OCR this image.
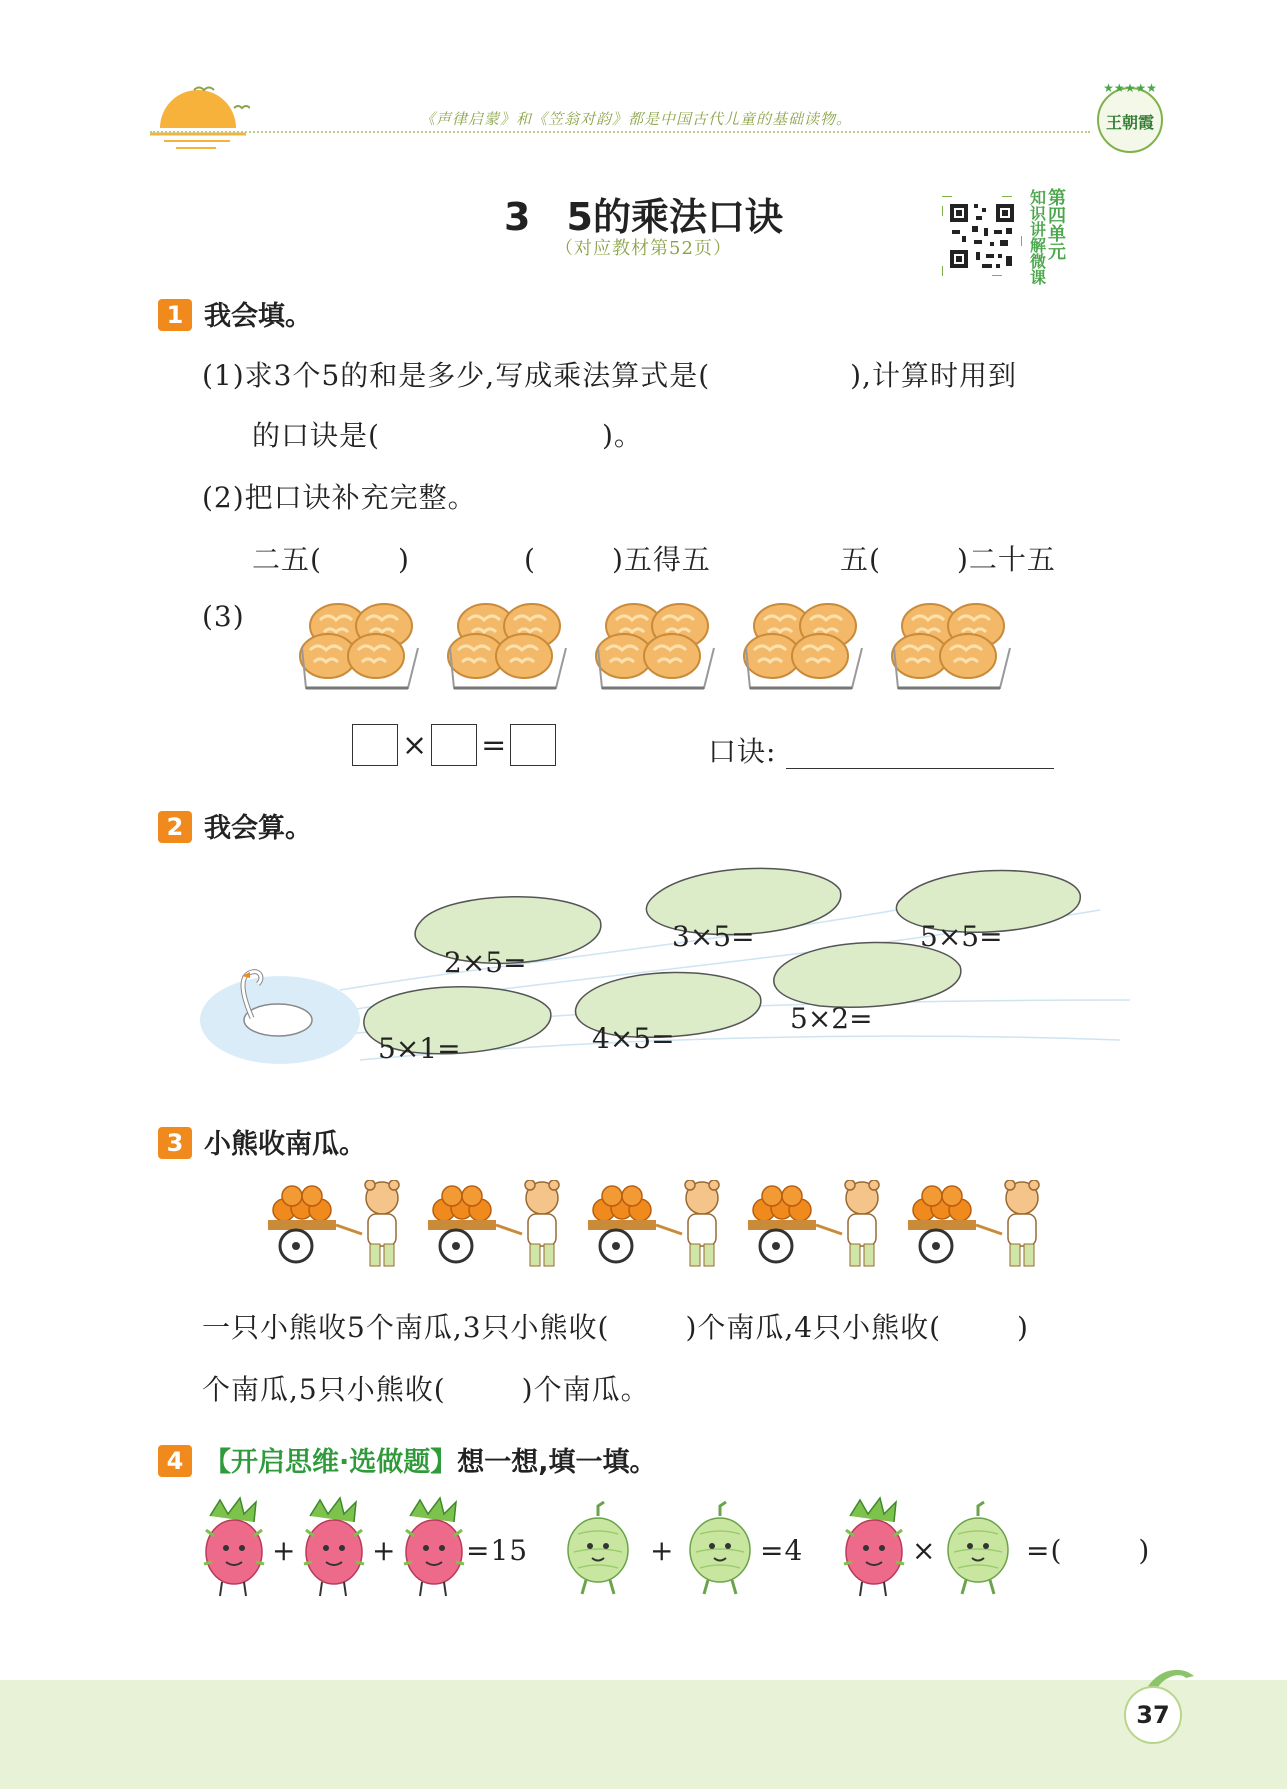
《声律启蒙》和《笠翁对韵》都是中国古代儿童的基础读物。
★★★★★
王朝霞
3 5的乘法口诀
（对应教材第52页）
知
识
讲
解
微
课
第
四
单
元
1 我会填。
(1)求3个5的和是多少,写成乘法算式是(	),计算时用到
的口诀是(	)。
(2)把口诀补充完整。
二五(	)	(	)五得五	五(	)二十五
(3)
× =	口诀:
2 我会算。
2×5=
3×5=	5×5=
5×1=	4×5=
5×2=
3 小熊收南瓜。
一只小熊收5个南瓜,3只小熊收(	)个南瓜,4只小熊收(	)
个南瓜,5只小熊收(	)个南瓜。
4 【开启思维·选做题】想一想,填一填。
+	+ =15	+	=4	×	=(	)
37
